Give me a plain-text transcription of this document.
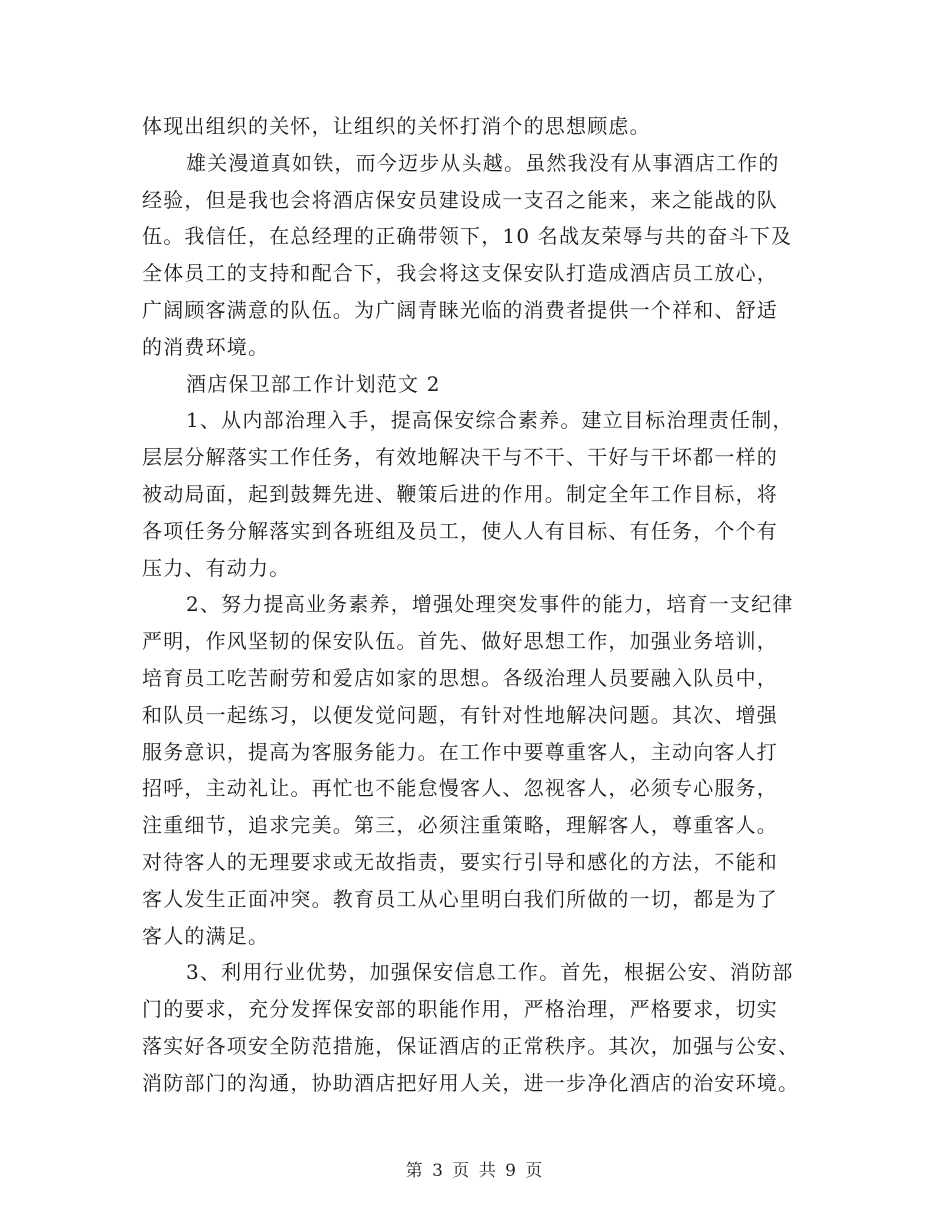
体现出组织的关怀，让组织的关怀打消个的思想顾虑。

雄关漫道真如铁，而今迈步从头越。虽然我没有从事酒店工作的
经验，但是我也会将酒店保安员建设成一支召之能来，来之能战的队
伍。我信任，在总经理的正确带领下，10 名战友荣辱与共的奋斗下及
全体员工的支持和配合下，我会将这支保安队打造成酒店员工放心，
广阔顾客满意的队伍。为广阔青睐光临的消费者提供一个祥和、舒适
的消费环境。

酒店保卫部工作计划范文 2

1、从内部治理入手，提高保安综合素养。建立目标治理责任制，
层层分解落实工作任务，有效地解决干与不干、干好与干坏都一样的
被动局面，起到鼓舞先进、鞭策后进的作用。制定全年工作目标，将
各项任务分解落实到各班组及员工，使人人有目标、有任务，个个有
压力、有动力。

2、努力提高业务素养，增强处理突发事件的能力，培育一支纪律
严明，作风坚韧的保安队伍。首先、做好思想工作，加强业务培训，
培育员工吃苦耐劳和爱店如家的思想。各级治理人员要融入队员中，
和队员一起练习，以便发觉问题，有针对性地解决问题。其次、增强
服务意识，提高为客服务能力。在工作中要尊重客人，主动向客人打
招呼，主动礼让。再忙也不能怠慢客人、忽视客人，必须专心服务，
注重细节，追求完美。第三，必须注重策略，理解客人，尊重客人。
对待客人的无理要求或无故指责，要实行引导和感化的方法，不能和
客人发生正面冲突。教育员工从心里明白我们所做的一切，都是为了
客人的满足。

3、利用行业优势，加强保安信息工作。首先，根据公安、消防部
门的要求，充分发挥保安部的职能作用，严格治理，严格要求，切实
落实好各项安全防范措施，保证酒店的正常秩序。其次，加强与公安、
消防部门的沟通，协助酒店把好用人关，进一步净化酒店的治安环境。

第 3 页 共 9 页
